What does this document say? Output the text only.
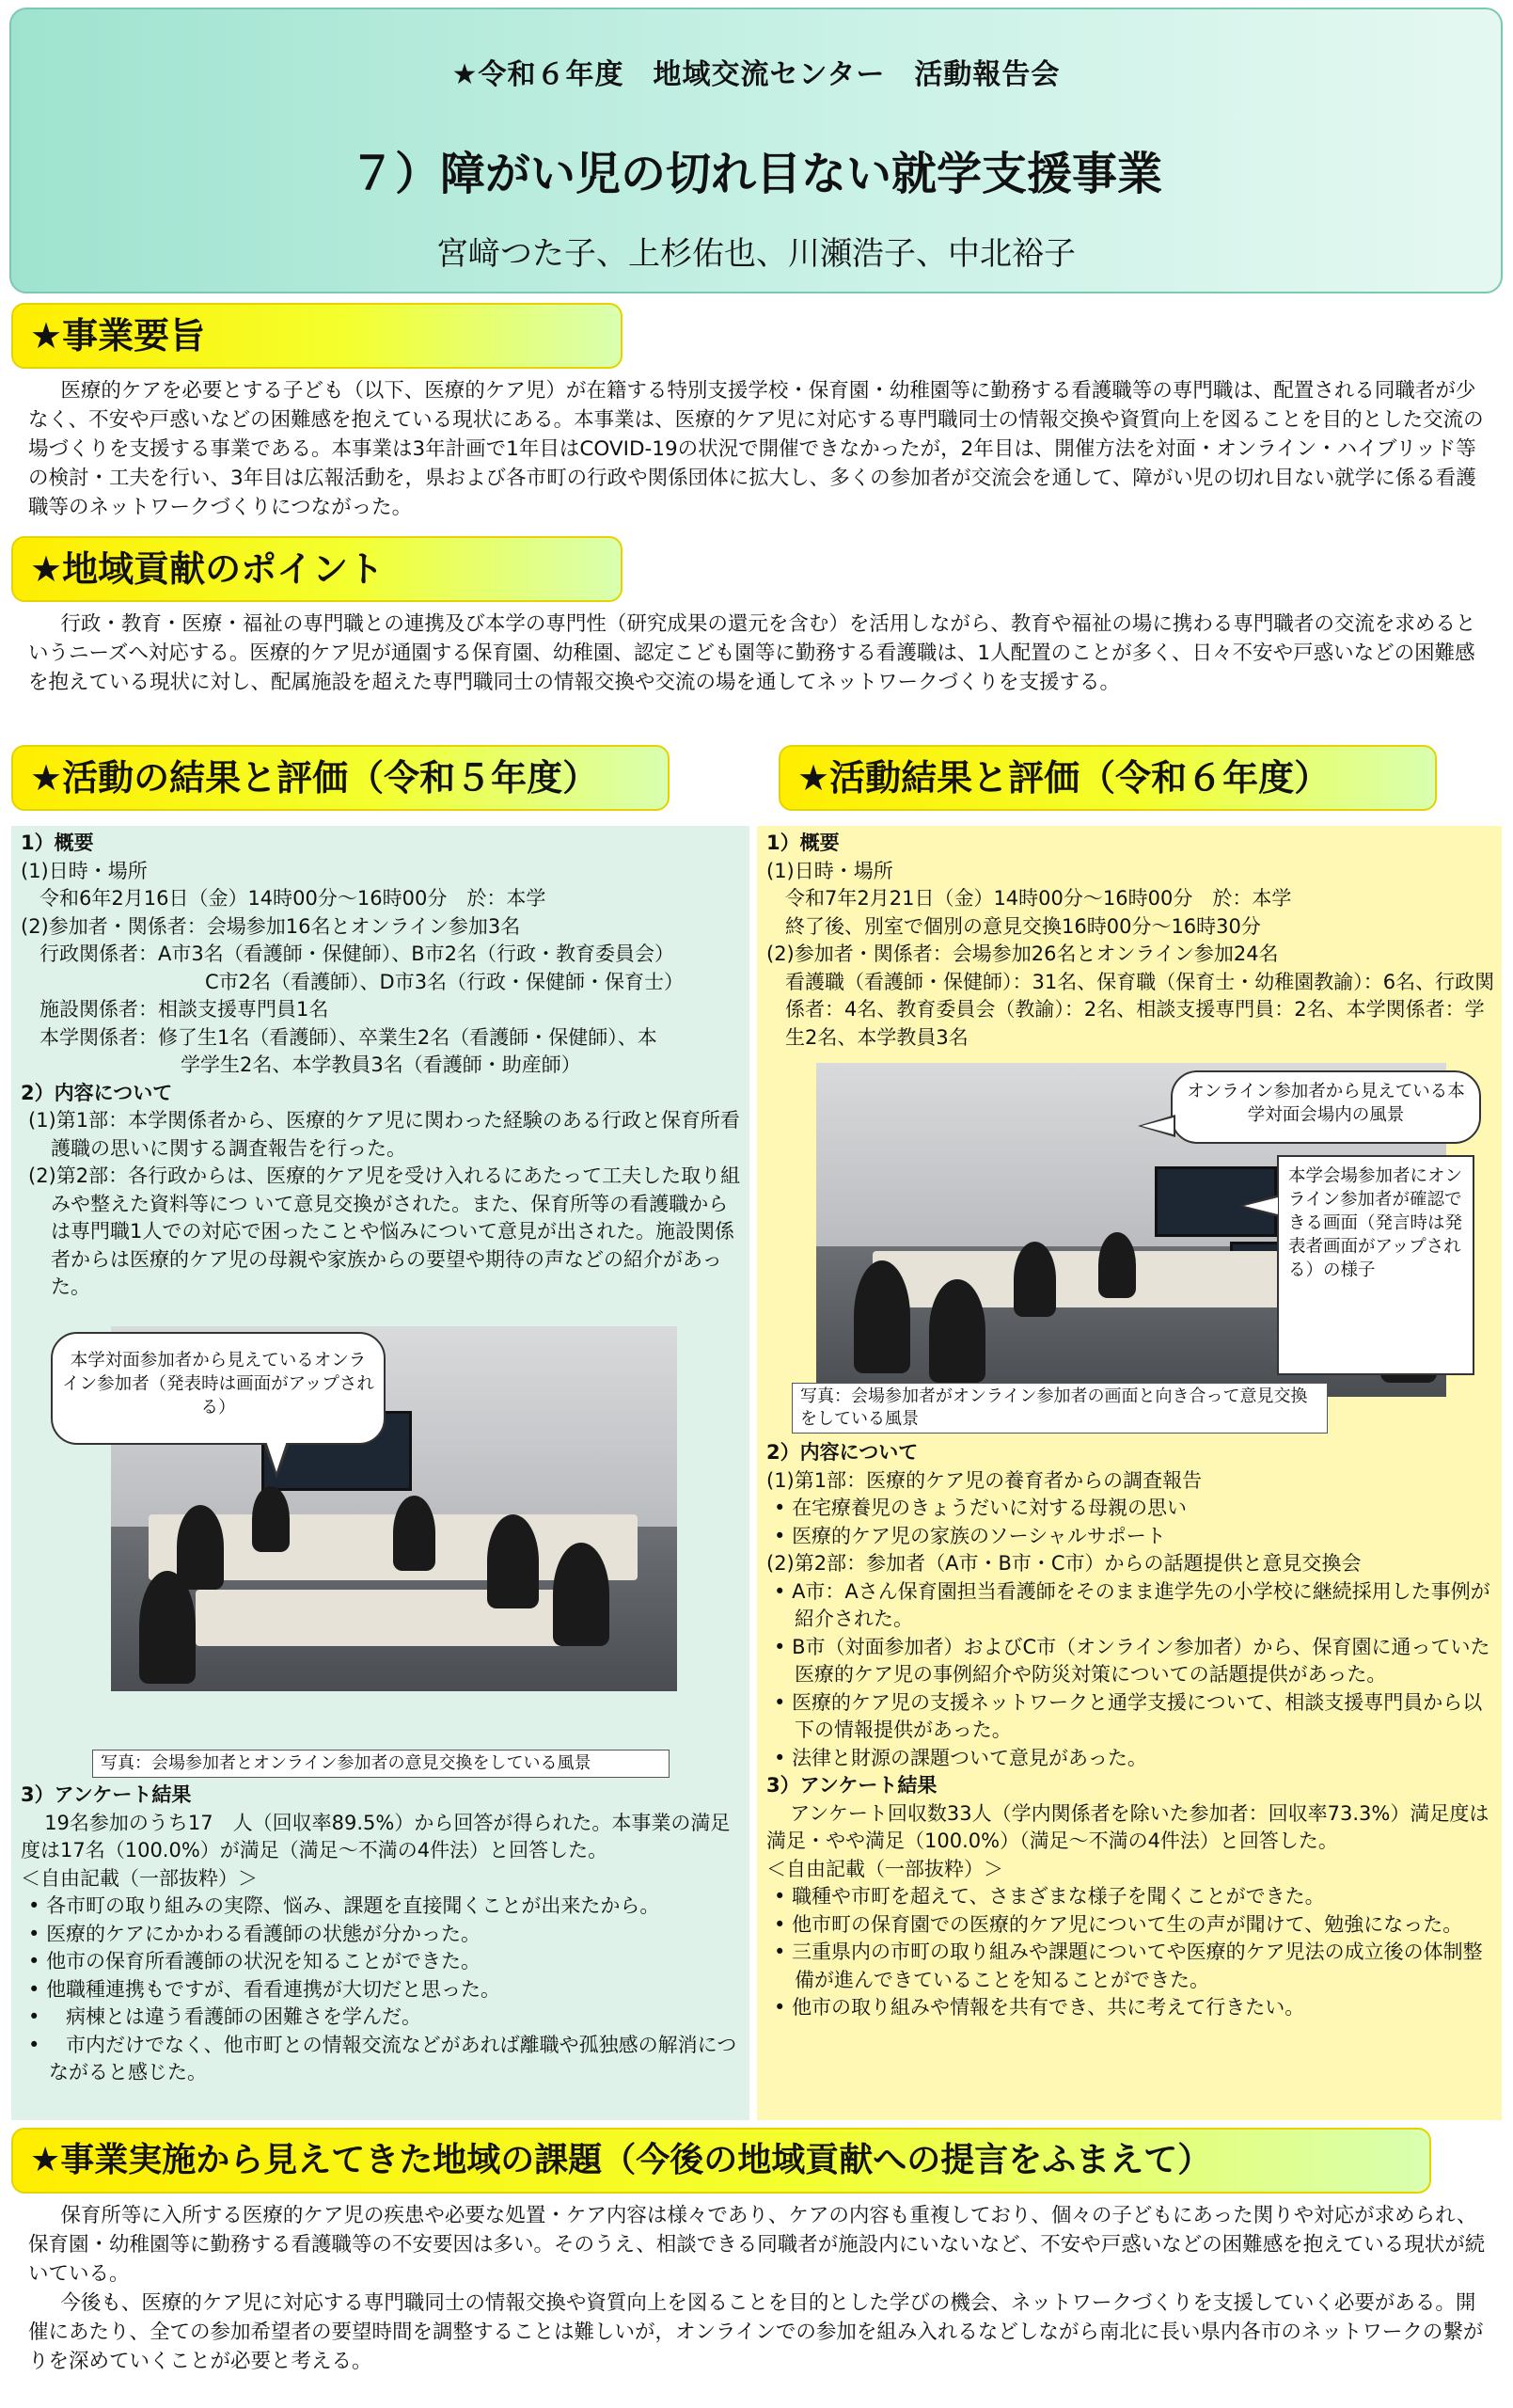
★令和６年度　地域交流センター　活動報告会
７）障がい児の切れ目ない就学支援事業
宮﨑つた子、上杉佑也、川瀬浩子、中北裕子
★事業要旨
医療的ケアを必要とする子ども（以下、医療的ケア児）が在籍する特別支援学校・保育園・幼稚園等に勤務する看護職等の専門職は、配置される同職者が少なく、不安や戸惑いなどの困難感を抱えている現状にある。本事業は、医療的ケア児に対応する専門職同士の情報交換や資質向上を図ることを目的とした交流の場づくりを支援する事業である。本事業は3年計画で1年目はCOVID-19の状況で開催できなかったが，2年目は、開催方法を対面・オンライン・ハイブリッド等の検討・工夫を行い、3年目は広報活動を，県および各市町の行政や関係団体に拡大し、多くの参加者が交流会を通して、障がい児の切れ目ない就学に係る看護職等のネットワークづくりにつながった。
★地域貢献のポイント
行政・教育・医療・福祉の専門職との連携及び本学の専門性（研究成果の還元を含む）を活用しながら、教育や福祉の場に携わる専門職者の交流を求めるというニーズへ対応する。医療的ケア児が通園する保育園、幼稚園、認定こども園等に勤務する看護職は、1人配置のことが多く、日々不安や戸惑いなどの困難感を抱えている現状に対し、配属施設を超えた専門職同士の情報交換や交流の場を通してネットワークづくりを支援する。
★活動の結果と評価（令和５年度）	★活動結果と評価（令和６年度）
1）概要
(1)日時・場所
令和6年2月16日（金）14時00分～16時00分　於：本学
(2)参加者・関係者：会場参加16名とオンライン参加3名
行政関係者：A市3名（看護師・保健師）、B市2名（行政・教育委員会）
C市2名（看護師）、D市3名（行政・保健師・保育士）
施設関係者：相談支援専門員1名
本学関係者：修了生1名（看護師）、卒業生2名（看護師・保健師）、本
学学生2名、本学教員3名（看護師・助産師）
2）内容について
(1)第1部：本学関係者から、医療的ケア児に関わった経験のある行政と保育所看護職の思いに関する調査報告を行った。
(2)第2部：各行政からは、医療的ケア児を受け入れるにあたって工夫した取り組みや整えた資料等につ いて意見交換がされた。また、保育所等の看護職からは専門職1人での対応で困ったことや悩みについて意見が出された。施設関係者からは医療的ケア児の母親や家族からの要望や期待の声などの紹介があった。
本学対面参加者から見えているオンライン参加者（発表時は画面がアップされる）
写真：会場参加者とオンライン参加者の意見交換をしている風景
3）アンケート結果
19名参加のうち17　人（回収率89.5%）から回答が得られた。本事業の満足度は17名（100.0%）が満足（満足～不満の4件法）と回答した。
＜自由記載（一部抜粋）＞
• 各市町の取り組みの実際、悩み、課題を直接聞くことが出来たから。
• 医療的ケアにかかわる看護師の状態が分かった。
• 他市の保育所看護師の状況を知ることができた。
• 他職種連携もですが、看看連携が大切だと思った。
• 　病棟とは違う看護師の困難さを学んだ。
• 　市内だけでなく、他市町との情報交流などがあれば離職や孤独感の解消につながると感じた。
1）概要
(1)日時・場所
令和7年2月21日（金）14時00分～16時00分　於：本学
終了後、別室で個別の意見交換16時00分～16時30分
(2)参加者・関係者：会場参加26名とオンライン参加24名
看護職（看護師・保健師）：31名、保育職（保育士・幼稚園教諭）：6名、行政関係者：4名、教育委員会（教諭）：2名、相談支援専門員：2名、本学関係者：学生2名、本学教員3名
オンライン参加者から見えている本学対面会場内の風景
本学会場参加者にオンライン参加者が確認できる画面（発言時は発表者画面がアップされる）の様子
写真：会場参加者がオンライン参加者の画面と向き合って意見交換をしている風景
2）内容について
(1)第1部：医療的ケア児の養育者からの調査報告
• 在宅療養児のきょうだいに対する母親の思い
• 医療的ケア児の家族のソーシャルサポート
(2)第2部：参加者（A市・B市・C市）からの話題提供と意見交換会
• A市：Aさん保育園担当看護師をそのまま進学先の小学校に継続採用した事例が紹介された。
• B市（対面参加者）およびC市（オンライン参加者）から、保育園に通っていた医療的ケア児の事例紹介や防災対策についての話題提供があった。
• 医療的ケア児の支援ネットワークと通学支援について、相談支援専門員から以下の情報提供があった。
• 法律と財源の課題ついて意見があった。
3）アンケート結果
アンケート回収数33人（学内関係者を除いた参加者：回収率73.3%）満足度は満足・やや満足（100.0%）（満足～不満の4件法）と回答した。
＜自由記載（一部抜粋）＞
• 職種や市町を超えて、さまざまな様子を聞くことができた。
• 他市町の保育園での医療的ケア児について生の声が聞けて、勉強になった。
• 三重県内の市町の取り組みや課題についてや医療的ケア児法の成立後の体制整備が進んできていることを知ることができた。
• 他市の取り組みや情報を共有でき、共に考えて行きたい。
★事業実施から見えてきた地域の課題（今後の地域貢献への提言をふまえて）

保育所等に入所する医療的ケア児の疾患や必要な処置・ケア内容は様々であり、ケアの内容も重複しており、個々の子どもにあった関りや対応が求められ、保育園・幼稚園等に勤務する看護職等の不安要因は多い。そのうえ、相談できる同職者が施設内にいないなど、不安や戸惑いなどの困難感を抱えている現状が続いている。

今後も、医療的ケア児に対応する専門職同士の情報交換や資質向上を図ることを目的とした学びの機会、ネットワークづくりを支援していく必要がある。開催にあたり、全ての参加希望者の要望時間を調整することは難しいが，オンラインでの参加を組み入れるなどしながら南北に長い県内各市のネットワークの繋がりを深めていくことが必要と考える。
